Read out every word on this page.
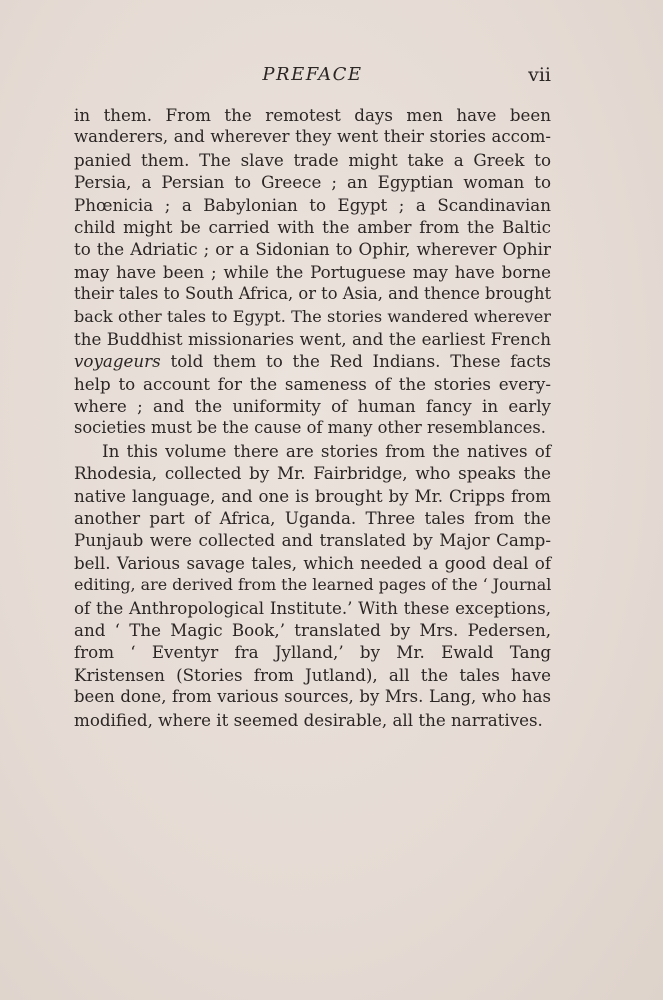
PREFACE	vii
in them. From the remotest days men have been
wanderers, and wherever they went their stories accom-
panied them. The slave trade might take a Greek to
Persia, a Persian to Greece ; an Egyptian woman to
Phœnicia ; a Babylonian to Egypt ; a Scandinavian
child might be carried with the amber from the Baltic
to the Adriatic ; or a Sidonian to Ophir, wherever Ophir
may have been ; while the Portuguese may have borne
their tales to South Africa, or to Asia, and thence brought
back other tales to Egypt. The stories wandered wherever
the Buddhist missionaries went, and the earliest French
voyageurs told them to the Red Indians. These facts
help to account for the sameness of the stories every-
where ; and the uniformity of human fancy in early
societies must be the cause of many other resemblances.
In this volume there are stories from the natives of
Rhodesia, collected by Mr. Fairbridge, who speaks the
native language, and one is brought by Mr. Cripps from
another part of Africa, Uganda. Three tales from the
Punjaub were collected and translated by Major Camp-
bell. Various savage tales, which needed a good deal of
editing, are derived from the learned pages of the ‘ Journal
of the Anthropological Institute.’ With these exceptions,
and ‘ The Magic Book,’ translated by Mrs. Pedersen,
from ‘ Eventyr fra Jylland,’ by Mr. Ewald Tang
Kristensen (Stories from Jutland), all the tales have
been done, from various sources, by Mrs. Lang, who has
modified, where it seemed desirable, all the narratives.
